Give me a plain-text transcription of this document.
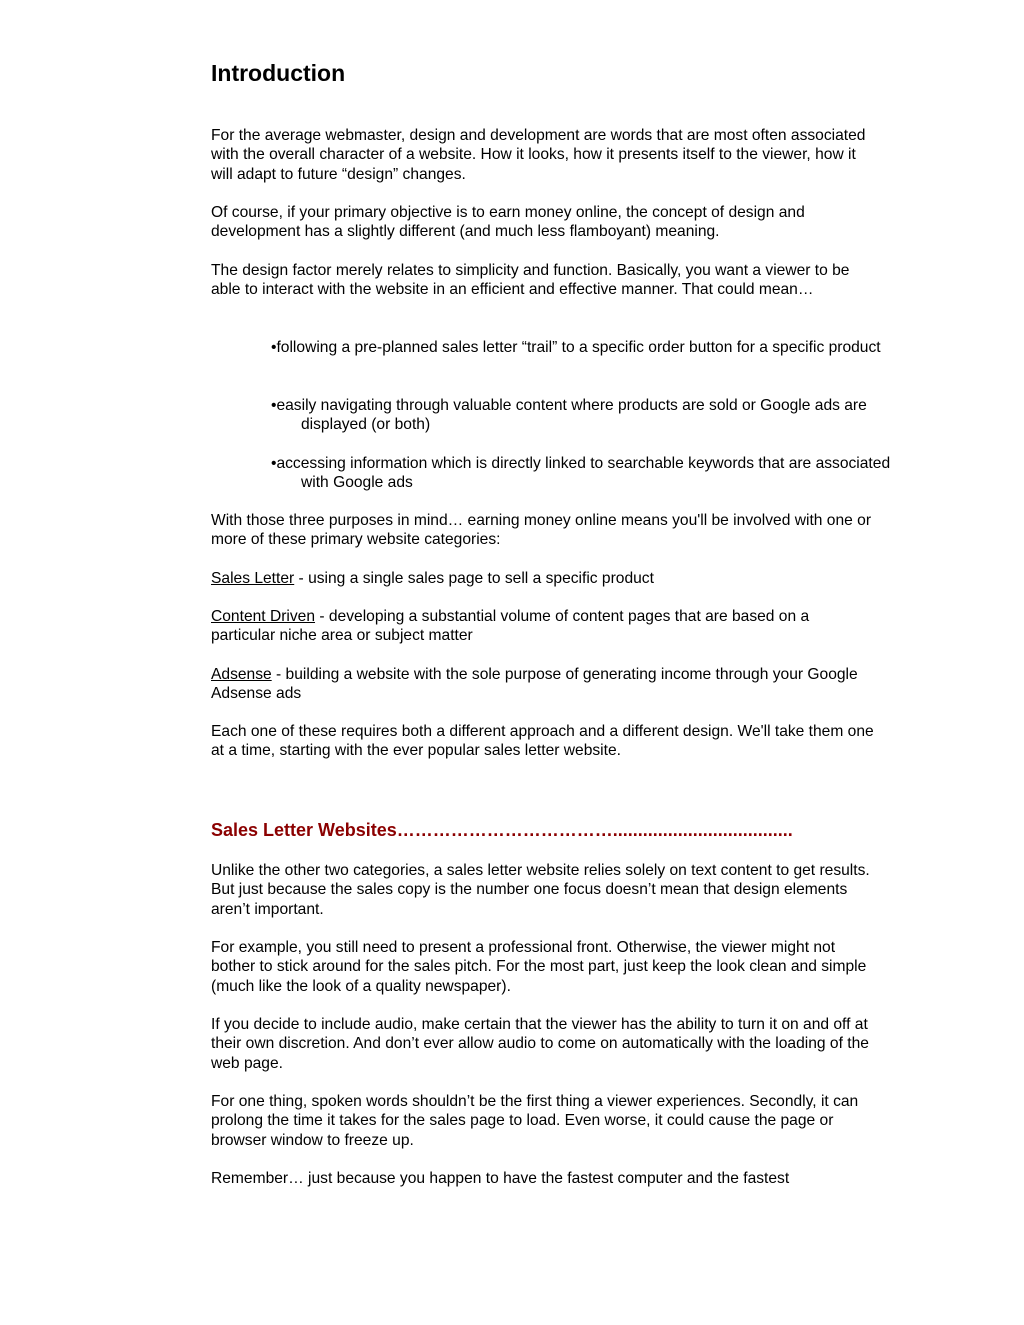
Introduction

For the average webmaster, design and development are words that are most often associated with the overall character of a website. How it looks, how it presents itself to the viewer, how it will adapt to future “design” changes.

Of course, if your primary objective is to earn money online, the concept of design and development has a slightly different (and much less flamboyant) meaning.

The design factor merely relates to simplicity and function. Basically, you want a viewer to be able to interact with the website in an efficient and effective manner. That could mean…

•following a pre-planned sales letter “trail” to a specific order button for a specific product

•easily navigating through valuable content where products are sold or Google ads are displayed (or both)

•accessing information which is directly linked to searchable keywords that are associated with Google ads

With those three purposes in mind… earning money online means you'll be involved with one or more of these primary website categories:

Sales Letter - using a single sales page to sell a specific product

Content Driven - developing a substantial volume of content pages that are based on a particular niche area or subject matter

Adsense - building a website with the sole purpose of generating income through your Google Adsense ads

Each one of these requires both a different approach and a different design. We'll take them one at a time, starting with the ever popular sales letter website.

Sales Letter Websites………………………………....................................

Unlike the other two categories, a sales letter website relies solely on text content to get results. But just because the sales copy is the number one focus doesn’t mean that design elements aren’t important.

For example, you still need to present a professional front. Otherwise, the viewer might not bother to stick around for the sales pitch. For the most part, just keep the look clean and simple (much like the look of a quality newspaper).

If you decide to include audio, make certain that the viewer has the ability to turn it on and off at their own discretion. And don’t ever allow audio to come on automatically with the loading of the web page.

For one thing, spoken words shouldn’t be the first thing a viewer experiences. Secondly, it can prolong the time it takes for the sales page to load. Even worse, it could cause the page or browser window to freeze up.

Remember… just because you happen to have the fastest computer and the fastest
